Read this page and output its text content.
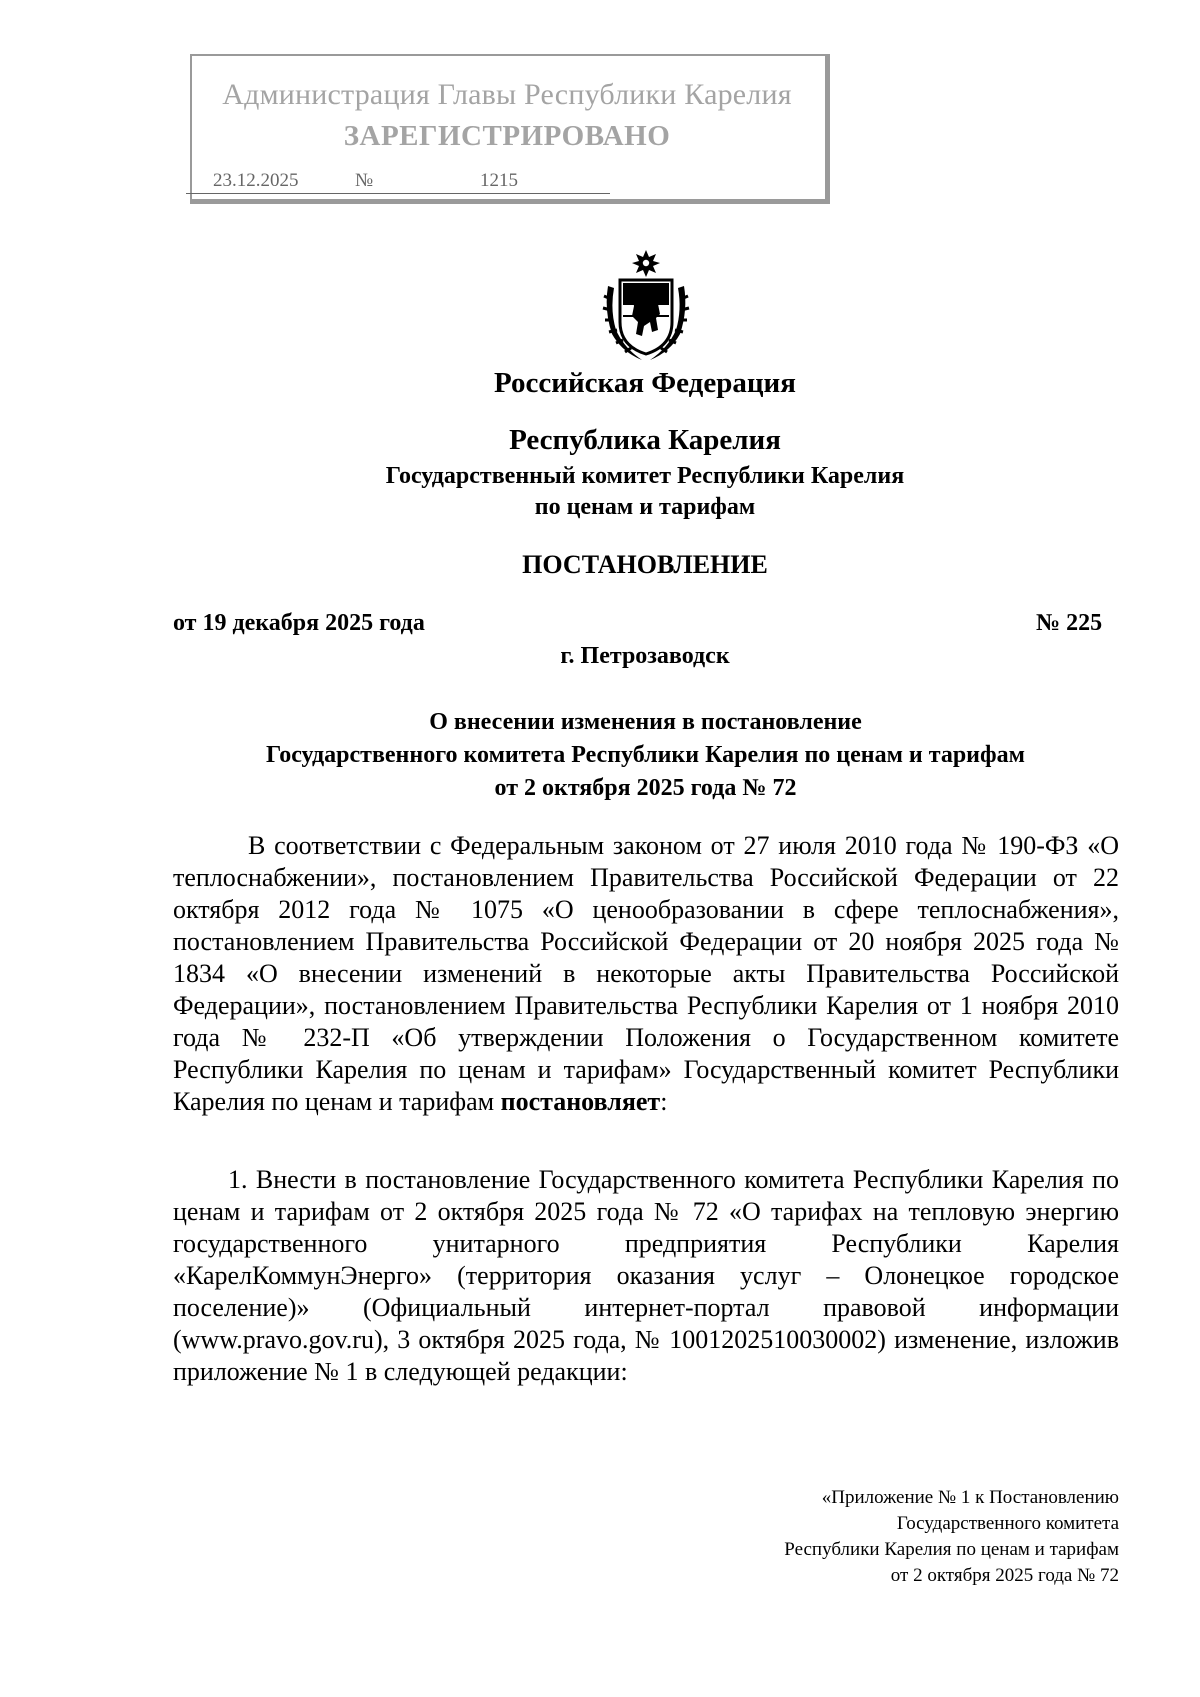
Администрация Главы Республики Карелия
ЗАРЕГИСТРИРОВАНО
23.12.2025	№	1215
Российская Федерация
Республика Карелия
Государственный комитет Республики Карелия
по ценам и тарифам
ПОСТАНОВЛЕНИЕ
от 19 декабря 2025 года	№ 225
г. Петрозаводск
О внесении изменения в постановление
Государственного комитета Республики Карелия по ценам и тарифам
от 2 октября 2025 года № 72
В соответствии с Федеральным законом от 27 июля 2010 года № 190-ФЗ «О теплоснабжении», постановлением Правительства Российской Федерации от 22 октября 2012 года № 1075 «О ценообразовании в сфере теплоснабжения», постановлением Правительства Российской Федерации от 20 ноября 2025 года № 1834 «О внесении изменений в некоторые акты Правительства Российской Федерации», постановлением Правительства Республики Карелия от 1 ноября 2010 года № 232-П «Об утверждении Положения о Государственном комитете Республики Карелия по ценам и тарифам» Государственный комитет Республики Карелия по ценам и тарифам постановляет:
1. Внести в постановление Государственного комитета Республики Карелия по ценам и тарифам от 2 октября 2025 года № 72 «О тарифах на тепловую энергию государственного унитарного предприятия Республики Карелия «КарелКоммунЭнерго» (территория оказания услуг – Олонецкое городское поселение)» (Официальный интернет-портал правовой информации (www.pravo.gov.ru), 3 октября 2025 года, № 1001202510030002) изменение, изложив приложение № 1 в следующей редакции:
«Приложение № 1 к Постановлению
Государственного комитета
Республики Карелия по ценам и тарифам
от 2 октября 2025 года № 72
